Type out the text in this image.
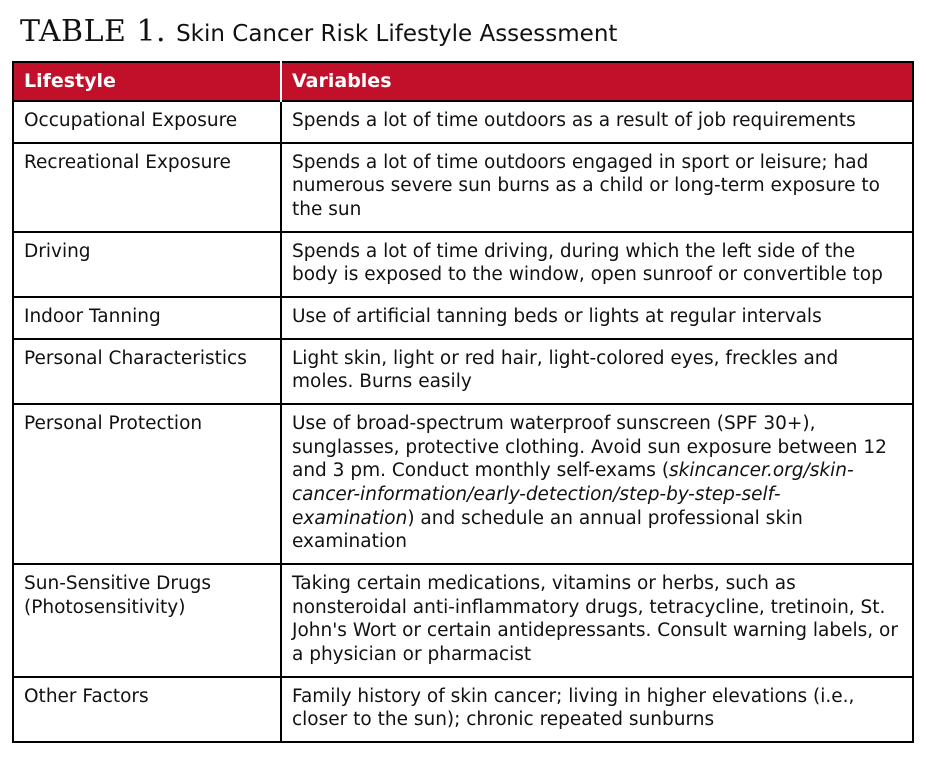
TABLE 1. Skin Cancer Risk Lifestyle Assessment
Lifestyle	Variables
Occupational Exposure	Spends a lot of time outdoors as a result of job requirements
Recreational Exposure	Spends a lot of time outdoors engaged in sport or leisure; had numerous severe sun burns as a child or long-term exposure to the sun
Driving	Spends a lot of time driving, during which the left side of the body is exposed to the window, open sunroof or convertible top
Indoor Tanning	Use of artificial tanning beds or lights at regular intervals
Personal Characteristics	Light skin, light or red hair, light-colored eyes, freckles and moles. Burns easily
Personal Protection	Use of broad-spectrum waterproof sunscreen (SPF 30+), sunglasses, protective clothing. Avoid sun exposure between 12 and 3 pm. Conduct monthly self-exams (skincancer.org/skin-cancer-information/early-detection/step-by-step-self-examination) and schedule an annual professional skin examination
Sun-Sensitive Drugs (Photosensitivity)	Taking certain medications, vitamins or herbs, such as nonsteroidal anti-inflammatory drugs, tetracycline, tretinoin, St. John's Wort or certain antidepressants. Consult warning labels, or a physician or pharmacist
Other Factors	Family history of skin cancer; living in higher elevations (i.e., closer to the sun); chronic repeated sunburns
